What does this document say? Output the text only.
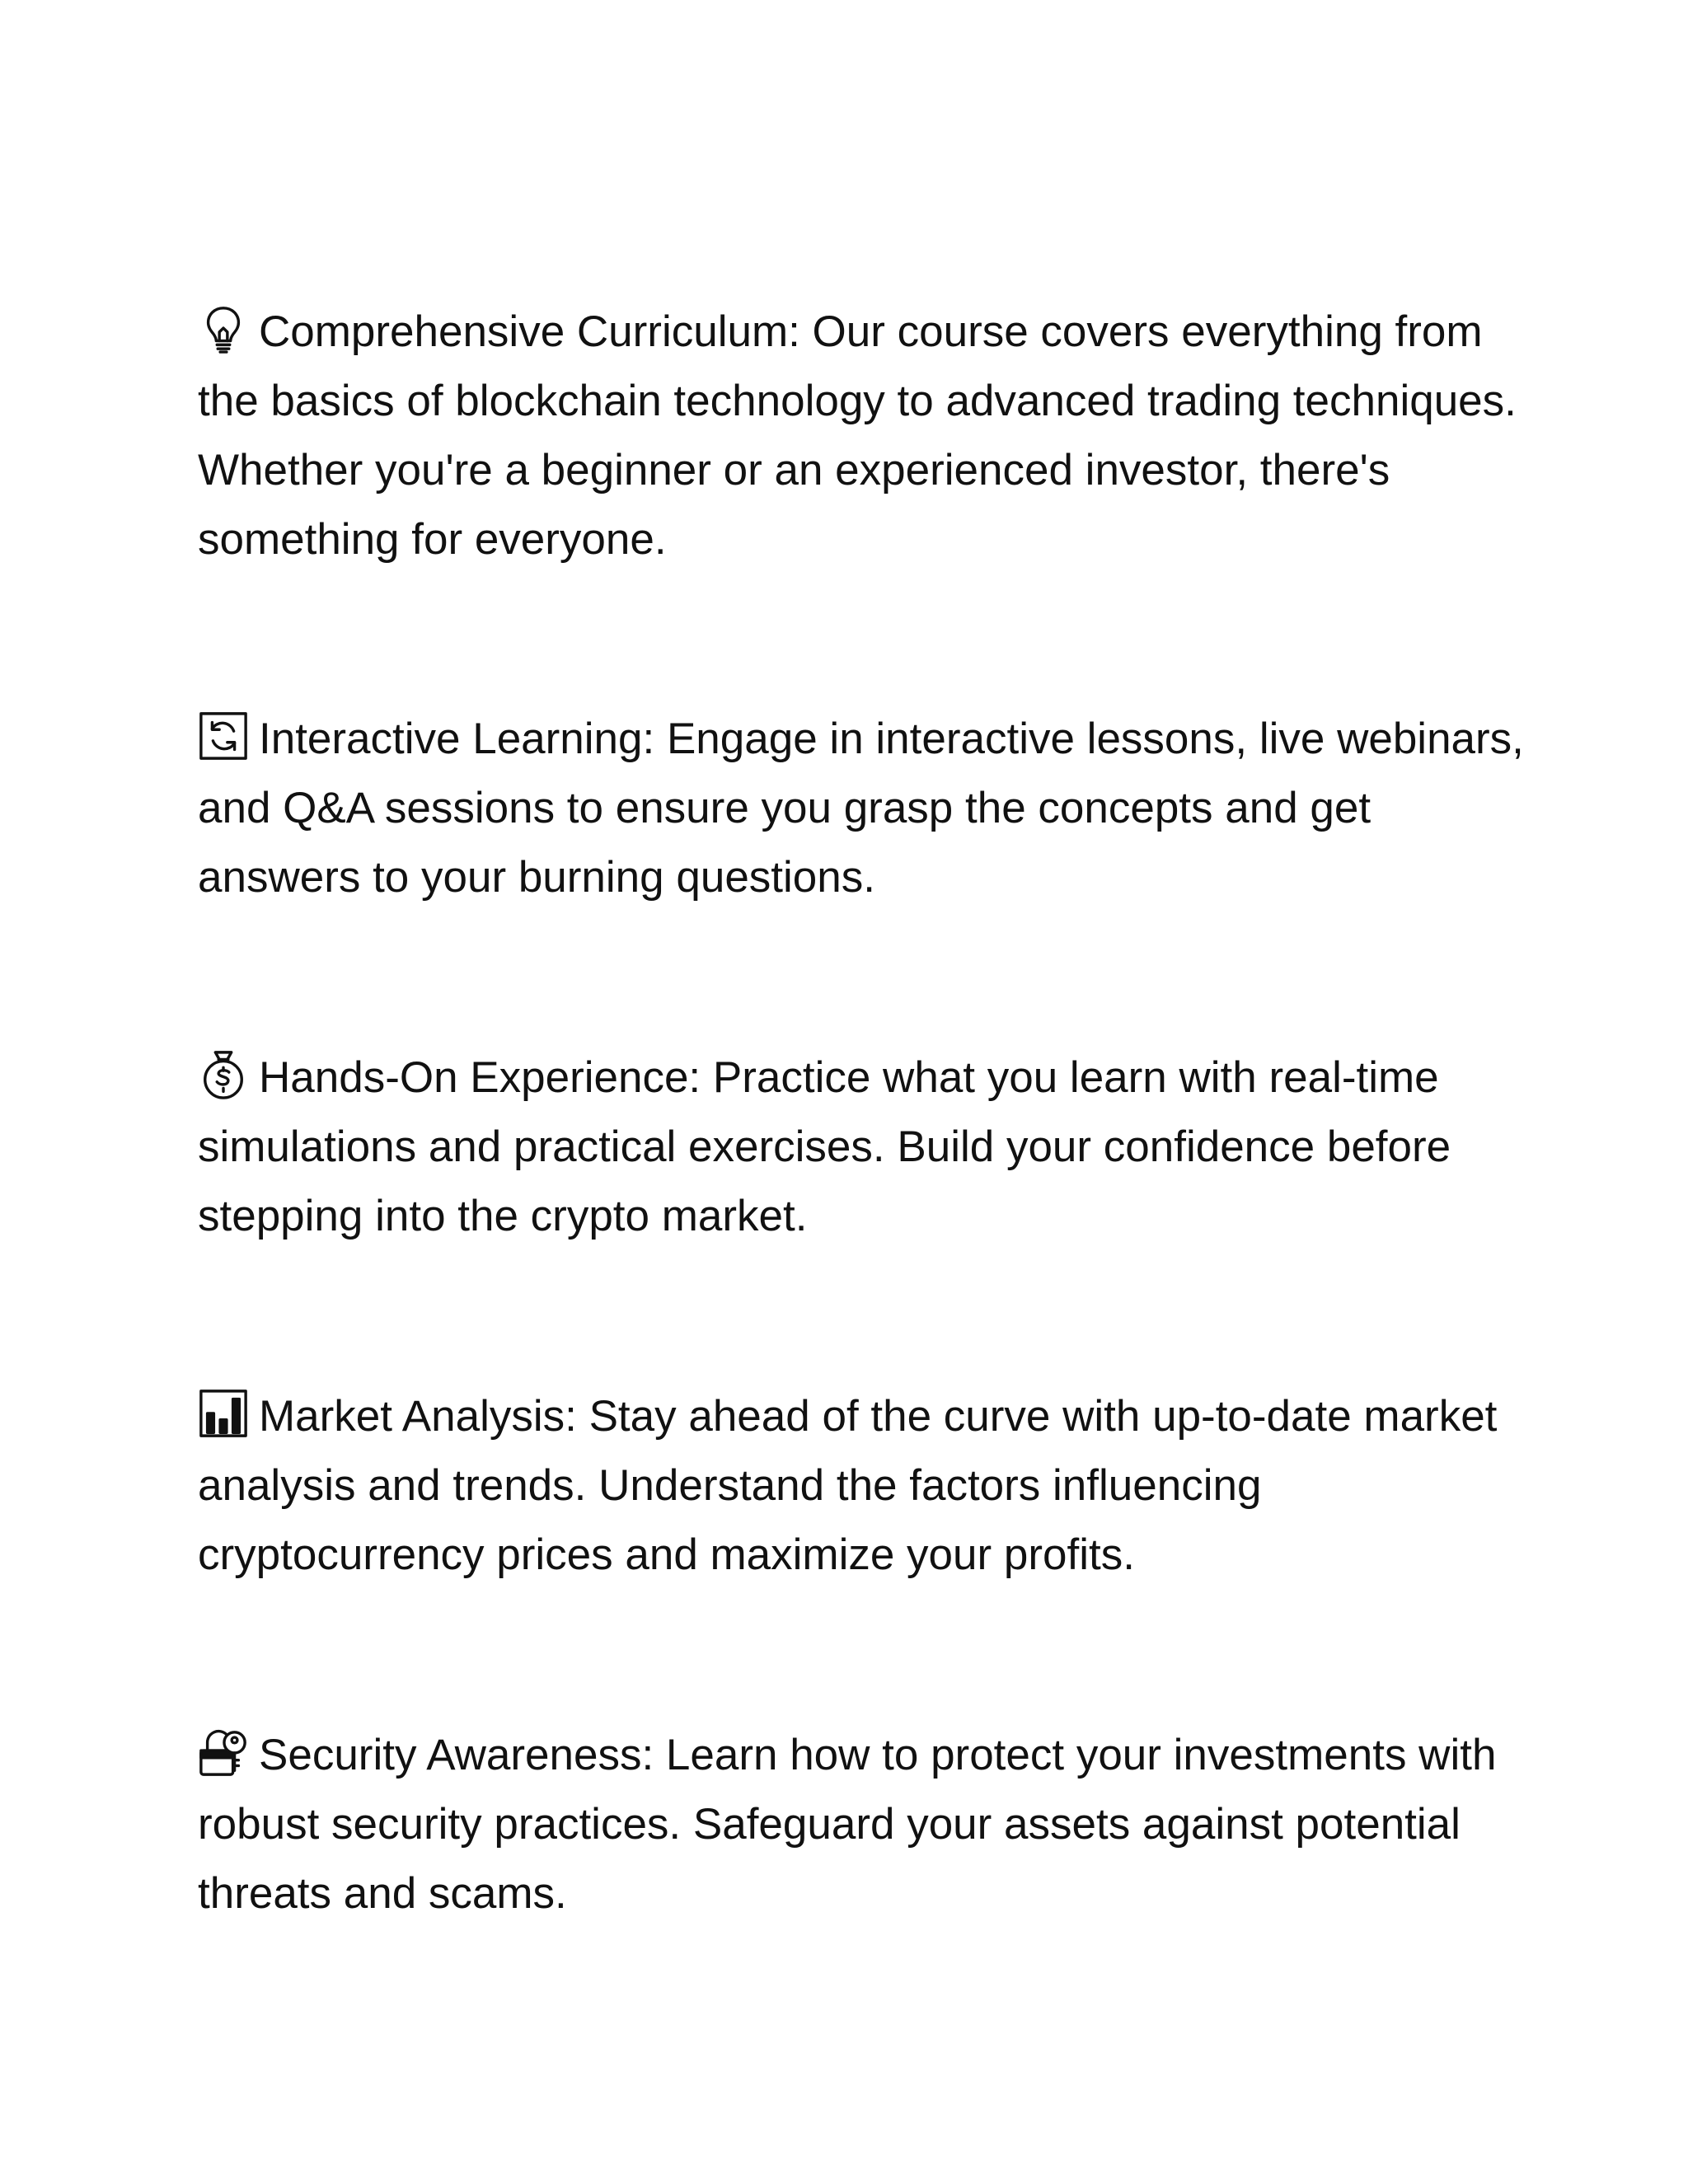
Comprehensive Curriculum: Our course covers everything from the basics of blockchain technology to advanced trading techniques. Whether you're a beginner or an experienced investor, there's something for everyone.

Interactive Learning: Engage in interactive lessons, live webinars, and Q&A sessions to ensure you grasp the concepts and get answers to your burning questions.

Hands-On Experience: Practice what you learn with real-time simulations and practical exercises. Build your confidence before stepping into the crypto market.

Market Analysis: Stay ahead of the curve with up-to-date market analysis and trends. Understand the factors influencing cryptocurrency prices and maximize your profits.

Security Awareness: Learn how to protect your investments with robust security practices. Safeguard your assets against potential threats and scams.
